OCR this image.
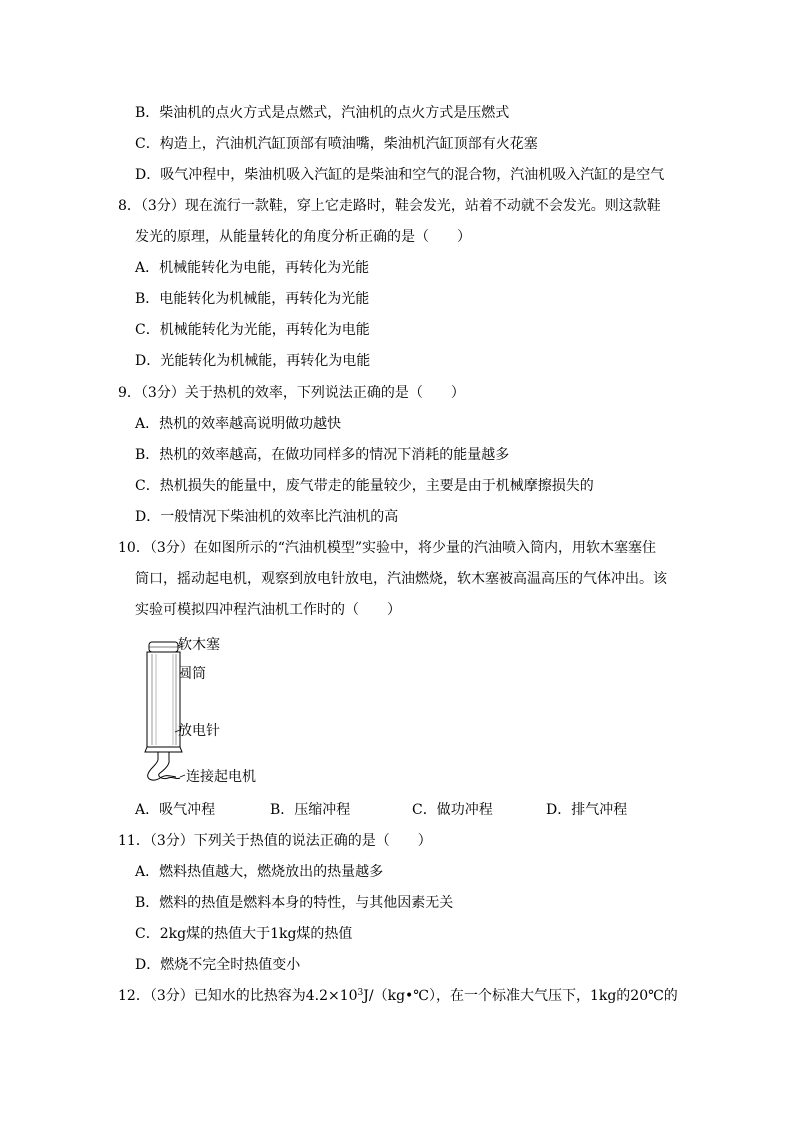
B．柴油机的点火方式是点燃式，汽油机的点火方式是压燃式
C．构造上，汽油机汽缸顶部有喷油嘴，柴油机汽缸顶部有火花塞
D．吸气冲程中，柴油机吸入汽缸的是柴油和空气的混合物，汽油机吸入汽缸的是空气
8．（3分）现在流行一款鞋，穿上它走路时，鞋会发光，站着不动就不会发光。则这款鞋
发光的原理，从能量转化的角度分析正确的是（　　）
A．机械能转化为电能，再转化为光能
B．电能转化为机械能，再转化为光能
C．机械能转化为光能，再转化为电能
D．光能转化为机械能，再转化为电能
9．（3分）关于热机的效率，下列说法正确的是（　　）
A．热机的效率越高说明做功越快
B．热机的效率越高，在做功同样多的情况下消耗的能量越多
C．热机损失的能量中，废气带走的能量较少，主要是由于机械摩擦损失的
D．一般情况下柴油机的效率比汽油机的高
10．（3分）在如图所示的“汽油机模型”实验中，将少量的汽油喷入筒内，用软木塞塞住
筒口，摇动起电机，观察到放电针放电，汽油燃烧，软木塞被高温高压的气体冲出。该
实验可模拟四冲程汽油机工作时的（　　）
软木塞
圆筒
放电针
连接起电机
A．吸气冲程	B．压缩冲程	C．做功冲程	D．排气冲程
11．（3分）下列关于热值的说法正确的是（　　）
A．燃料热值越大，燃烧放出的热量越多
B．燃料的热值是燃料本身的特性，与其他因素无关
C．2kg煤的热值大于1kg煤的热值
D．燃烧不完全时热值变小
12．（3分）已知水的比热容为$4.2\times 10^3J/(kg•℃)$，在一个标准大气压下，1kg的20℃的
